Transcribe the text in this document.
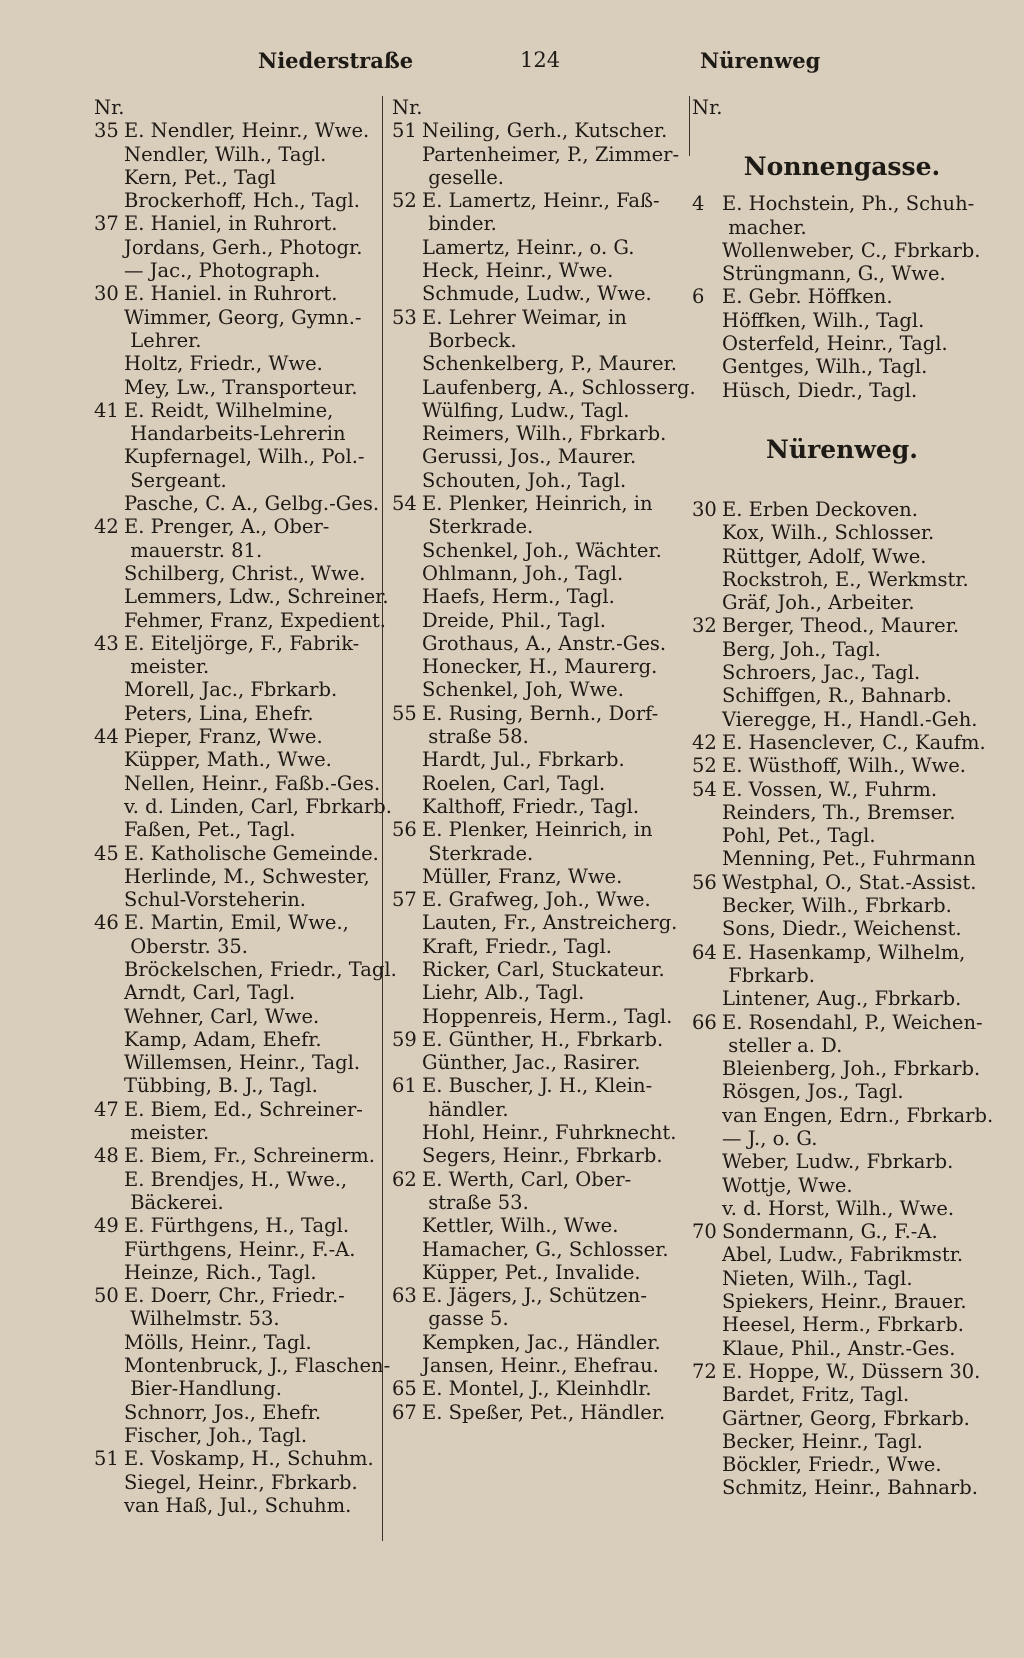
Niederstraße	124	Nürenweg
Nr.
35 E. Nendler, Heinr., Wwe.
Nendler, Wilh., Tagl.
Kern, Pet., Tagl
Brockerhoff, Hch., Tagl.
37 E. Haniel, in Ruhrort.
Jordans, Gerh., Photogr.
— Jac., Photograph.
30 E. Haniel. in Ruhrort.
Wimmer, Georg, Gymn.-
Lehrer.
Holtz, Friedr., Wwe.
Mey, Lw., Transporteur.
41 E. Reidt, Wilhelmine,
Handarbeits-Lehrerin
Kupfernagel, Wilh., Pol.-
Sergeant.
Pasche, C. A., Gelbg.-Ges.
42 E. Prenger, A., Ober-
mauerstr. 81.
Schilberg, Christ., Wwe.
Lemmers, Ldw., Schreiner.
Fehmer, Franz, Expedient.
43 E. Eiteljörge, F., Fabrik-
meister.
Morell, Jac., Fbrkarb.
Peters, Lina, Ehefr.
44 Pieper, Franz, Wwe.
Küpper, Math., Wwe.
Nellen, Heinr., Faßb.-Ges.
v. d. Linden, Carl, Fbrkarb.
Faßen, Pet., Tagl.
45 E. Katholische Gemeinde.
Herlinde, M., Schwester,
Schul-Vorsteherin.
46 E. Martin, Emil, Wwe.,
Oberstr. 35.
Bröckelschen, Friedr., Tagl.
Arndt, Carl, Tagl.
Wehner, Carl, Wwe.
Kamp, Adam, Ehefr.
Willemsen, Heinr., Tagl.
Tübbing, B. J., Tagl.
47 E. Biem, Ed., Schreiner-
meister.
48 E. Biem, Fr., Schreinerm.
E. Brendjes, H., Wwe.,
Bäckerei.
49 E. Fürthgens, H., Tagl.
Fürthgens, Heinr., F.-A.
Heinze, Rich., Tagl.
50 E. Doerr, Chr., Friedr.-
Wilhelmstr. 53.
Mölls, Heinr., Tagl.
Montenbruck, J., Flaschen-
Bier-Handlung.
Schnorr, Jos., Ehefr.
Fischer, Joh., Tagl.
51 E. Voskamp, H., Schuhm.
Siegel, Heinr., Fbrkarb.
van Haß, Jul., Schuhm.
Nr.
51 Neiling, Gerh., Kutscher.
Partenheimer, P., Zimmer-
geselle.
52 E. Lamertz, Heinr., Faß-
binder.
Lamertz, Heinr., o. G.
Heck, Heinr., Wwe.
Schmude, Ludw., Wwe.
53 E. Lehrer Weimar, in
Borbeck.
Schenkelberg, P., Maurer.
Laufenberg, A., Schlosserg.
Wülfing, Ludw., Tagl.
Reimers, Wilh., Fbrkarb.
Gerussi, Jos., Maurer.
Schouten, Joh., Tagl.
54 E. Plenker, Heinrich, in
Sterkrade.
Schenkel, Joh., Wächter.
Ohlmann, Joh., Tagl.
Haefs, Herm., Tagl.
Dreide, Phil., Tagl.
Grothaus, A., Anstr.-Ges.
Honecker, H., Maurerg.
Schenkel, Joh, Wwe.
55 E. Rusing, Bernh., Dorf-
straße 58.
Hardt, Jul., Fbrkarb.
Roelen, Carl, Tagl.
Kalthoff, Friedr., Tagl.
56 E. Plenker, Heinrich, in
Sterkrade.
Müller, Franz, Wwe.
57 E. Grafweg, Joh., Wwe.
Lauten, Fr., Anstreicherg.
Kraft, Friedr., Tagl.
Ricker, Carl, Stuckateur.
Liehr, Alb., Tagl.
Hoppenreis, Herm., Tagl.
59 E. Günther, H., Fbrkarb.
Günther, Jac., Rasirer.
61 E. Buscher, J. H., Klein-
händler.
Hohl, Heinr., Fuhrknecht.
Segers, Heinr., Fbrkarb.
62 E. Werth, Carl, Ober-
straße 53.
Kettler, Wilh., Wwe.
Hamacher, G., Schlosser.
Küpper, Pet., Invalide.
63 E. Jägers, J., Schützen-
gasse 5.
Kempken, Jac., Händler.
Jansen, Heinr., Ehefrau.
65 E. Montel, J., Kleinhdlr.
67 E. Speßer, Pet., Händler.
Nr.
Nonnengasse.
4 E. Hochstein, Ph., Schuh-
macher.
Wollenweber, C., Fbrkarb.
Strüngmann, G., Wwe.
6 E. Gebr. Höffken.
Höffken, Wilh., Tagl.
Osterfeld, Heinr., Tagl.
Gentges, Wilh., Tagl.
Hüsch, Diedr., Tagl.
Nürenweg.
30 E. Erben Deckoven.
Kox, Wilh., Schlosser.
Rüttger, Adolf, Wwe.
Rockstroh, E., Werkmstr.
Gräf, Joh., Arbeiter.
32 Berger, Theod., Maurer.
Berg, Joh., Tagl.
Schroers, Jac., Tagl.
Schiffgen, R., Bahnarb.
Vieregge, H., Handl.-Geh.
42 E. Hasenclever, C., Kaufm.
52 E. Wüsthoff, Wilh., Wwe.
54 E. Vossen, W., Fuhrm.
Reinders, Th., Bremser.
Pohl, Pet., Tagl.
Menning, Pet., Fuhrmann
56 Westphal, O., Stat.-Assist.
Becker, Wilh., Fbrkarb.
Sons, Diedr., Weichenst.
64 E. Hasenkamp, Wilhelm,
Fbrkarb.
Lintener, Aug., Fbrkarb.
66 E. Rosendahl, P., Weichen-
steller a. D.
Bleienberg, Joh., Fbrkarb.
Rösgen, Jos., Tagl.
van Engen, Edrn., Fbrkarb.
— J., o. G.
Weber, Ludw., Fbrkarb.
Wottje, Wwe.
v. d. Horst, Wilh., Wwe.
70 Sondermann, G., F.-A.
Abel, Ludw., Fabrikmstr.
Nieten, Wilh., Tagl.
Spiekers, Heinr., Brauer.
Heesel, Herm., Fbrkarb.
Klaue, Phil., Anstr.-Ges.
72 E. Hoppe, W., Düssern 30.
Bardet, Fritz, Tagl.
Gärtner, Georg, Fbrkarb.
Becker, Heinr., Tagl.
Böckler, Friedr., Wwe.
Schmitz, Heinr., Bahnarb.
